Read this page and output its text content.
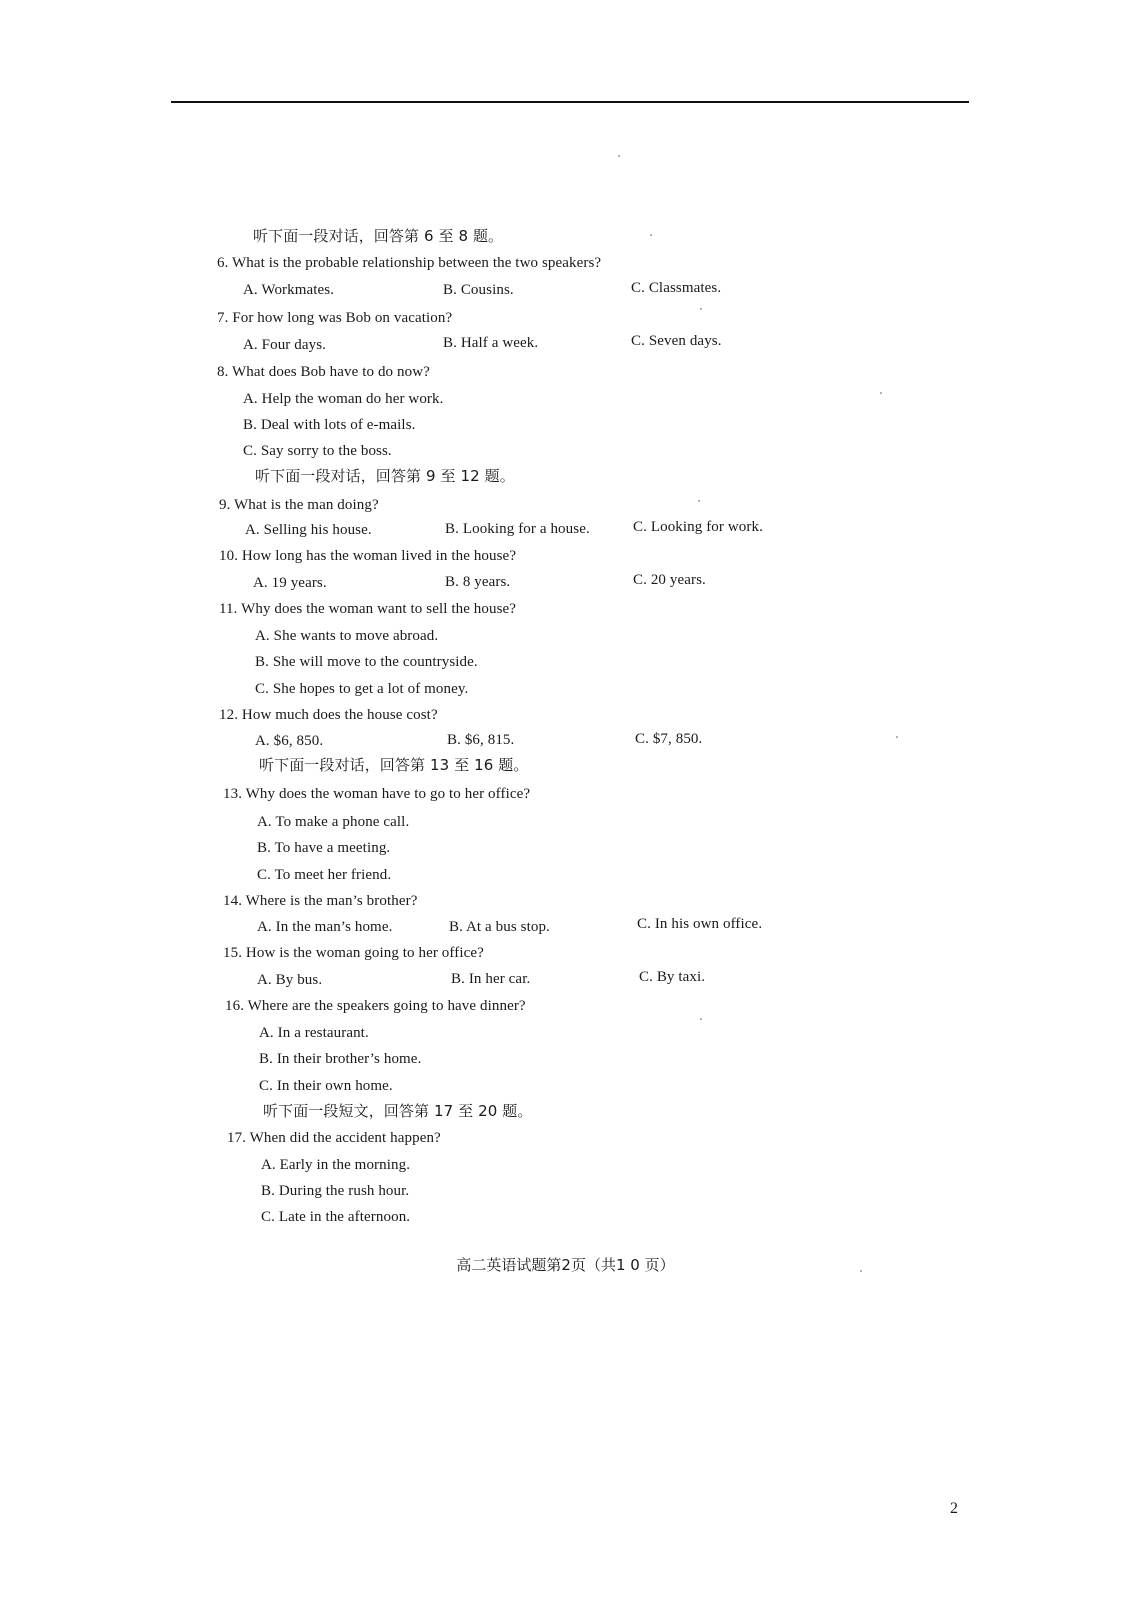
听下面一段对话，回答第 6 至 8 题。
6. What is the probable relationship between the two speakers?
A. Workmates.	B. Cousins.	C. Classmates.
7. For how long was Bob on vacation?
A. Four days.	B. Half a week.	C. Seven days.
8. What does Bob have to do now?
A. Help the woman do her work.
B. Deal with lots of e-mails.
C. Say sorry to the boss.
听下面一段对话，回答第 9 至 12 题。
9. What is the man doing?
A. Selling his house.	B. Looking for a house.	C. Looking for work.
10. How long has the woman lived in the house?
A. 19 years.	B. 8 years.	C. 20 years.
11. Why does the woman want to sell the house?
A. She wants to move abroad.
B. She will move to the countryside.
C. She hopes to get a lot of money.
12. How much does the house cost?
A. $6, 850.	B. $6, 815.	C. $7, 850.
听下面一段对话，回答第 13 至 16 题。
13. Why does the woman have to go to her office?
A. To make a phone call.
B. To have a meeting.
C. To meet her friend.
14. Where is the man’s brother?
A. In the man’s home.	B. At a bus stop.	C. In his own office.
15. How is the woman going to her office?
A. By bus.	B. In her car.	C. By taxi.
16. Where are the speakers going to have dinner?
A. In a restaurant.
B. In their brother’s home.
C. In their own home.
听下面一段短文，回答第 17 至 20 题。
17. When did the accident happen?
A. Early in the morning.
B. During the rush hour.
C. Late in the afternoon.
高二英语试题第2页（共1 0 页）
2
